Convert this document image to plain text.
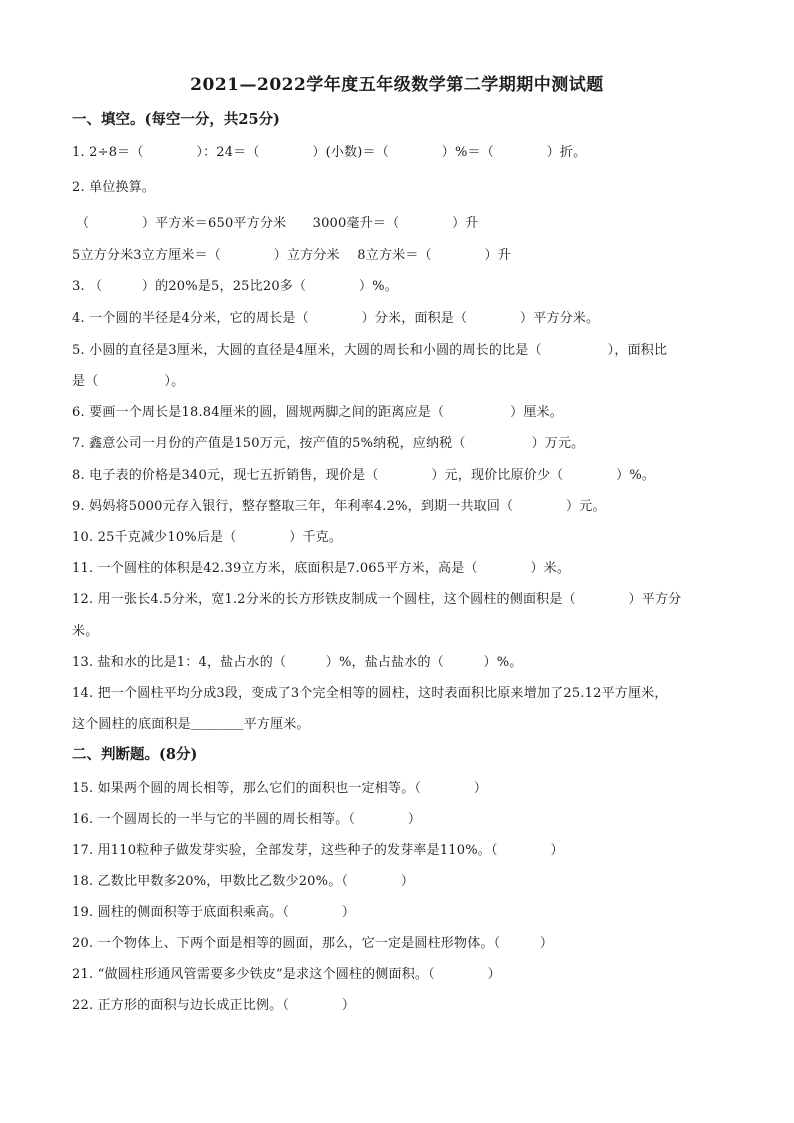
2021—2022学年度五年级数学第二学期期中测试题
一、填空。(每空一分，共25分)
1. 2÷8＝（　　　　）：24＝（　　　　）(小数)＝（　　　　）%＝（　　　　）折。
2. 单位换算。
（　　　　）平方米＝650平方分米　　3000毫升＝（　　　　）升
5立方分米3立方厘米＝（　　　　）立方分米　 8立方米＝（　　　　）升
3. （　　　）的20%是5，25比20多（　　　　）%。
4. 一个圆的半径是4分米，它的周长是（　　　　）分米，面积是（　　　　）平方分米。
5. 小圆的直径是3厘米，大圆的直径是4厘米，大圆的周长和小圆的周长的比是（　　　　　），面积比
是（　　　　　）。
6. 要画一个周长是18.84厘米的圆，圆规两脚之间的距离应是（　　　　　）厘米。
7. 鑫意公司一月份的产值是150万元，按产值的5%纳税，应纳税（　　　　　）万元。
8. 电子表的价格是340元，现七五折销售，现价是（　　　　）元，现价比原价少（　　　　）%。
9. 妈妈将5000元存入银行，整存整取三年，年利率4.2%，到期一共取回（　　　　）元。
10. 25千克减少10%后是（　　　　）千克。
11. 一个圆柱的体积是42.39立方米，底面积是7.065平方米，高是（　　　　）米。
12. 用一张长4.5分米，宽1.2分米的长方形铁皮制成一个圆柱，这个圆柱的侧面积是（　　　　）平方分
米。
13. 盐和水的比是1：4，盐占水的（　　　）%，盐占盐水的（　　　）%。
14. 把一个圆柱平均分成3段，变成了3个完全相等的圆柱，这时表面积比原来增加了25.12平方厘米，
这个圆柱的底面积是＿＿＿＿平方厘米。
二、判断题。(8分)
15. 如果两个圆的周长相等，那么它们的面积也一定相等。（　　　　）
16. 一个圆周长的一半与它的半圆的周长相等。（　　　　）
17. 用110粒种子做发芽实验，全部发芽，这些种子的发芽率是110%。（　　　　）
18. 乙数比甲数多20%，甲数比乙数少20%。（　　　　）
19. 圆柱的侧面积等于底面积乘高。（　　　　）
20. 一个物体上、下两个面是相等的圆面，那么，它一定是圆柱形物体。（　　　）
21. “做圆柱形通风管需要多少铁皮”是求这个圆柱的侧面积。（　　　　）
22. 正方形的面积与边长成正比例。（　　　　）
